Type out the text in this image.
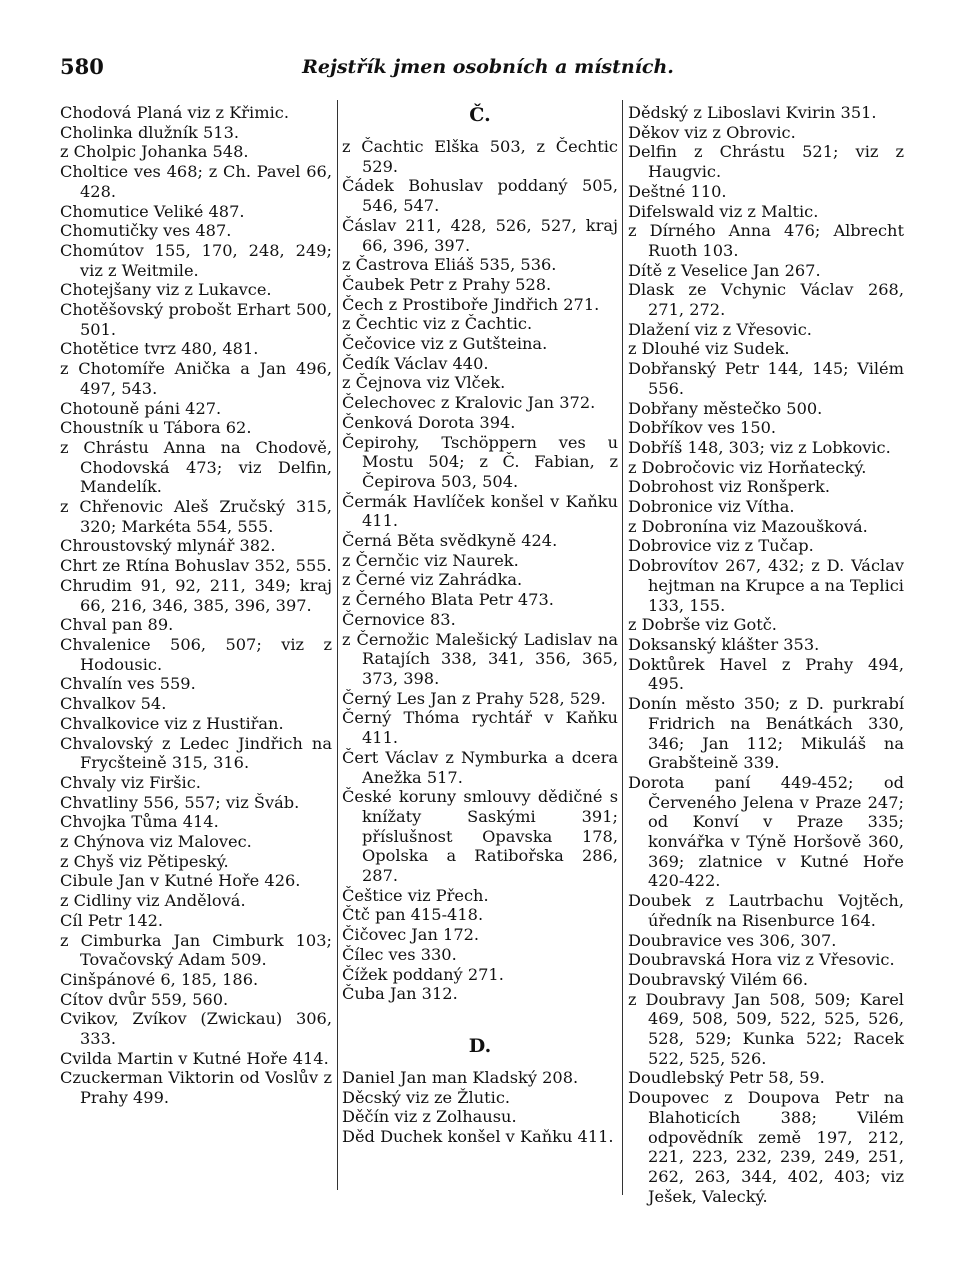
580	Rejstřík jmen osobních a místních.

Chodová Planá viz z Křimic.

Cholinka dlužník 513.

z Cholpic Johanka 548.

Choltice ves 468; z Ch. Pavel 66, 428.

Chomutice Veliké 487.

Chomutičky ves 487.

Chomútov 155, 170, 248, 249; viz z Weitmile.

Chotejšany viz z Lukavce.

Chotěšovský probošt Erhart 500, 501.

Chotětice tvrz 480, 481.

z Chotomíře Anička a Jan 496, 497, 543.

Chotouně páni 427.

Choustník u Tábora 62.

z Chrástu Anna na Chodově, Chodovská 473; viz Delfin, Mandelík.

z Chřenovic Aleš Zručský 315, 320; Markéta 554, 555.

Chroustovský mlynář 382.

Chrt ze Rtína Bohuslav 352, 555.

Chrudim 91, 92, 211, 349; kraj 66, 216, 346, 385, 396, 397.

Chval pan 89.

Chvalenice 506, 507; viz z Hodousic.

Chvalín ves 559.

Chvalkov 54.

Chvalkovice viz z Hustiřan.

Chvalovský z Ledec Jindřich na Frycšteině 315, 316.

Chvaly viz Firšic.

Chvatliny 556, 557; viz Šváb.

Chvojka Tůma 414.

z Chýnova viz Malovec.

z Chyš viz Pětipeský.

Cibule Jan v Kutné Hoře 426.

z Cidliny viz Andělová.

Cíl Petr 142.

z Cimburka Jan Cimburk 103; Tovačovský Adam 509.

Cinšpánové 6, 185, 186.

Cítov dvůr 559, 560.

Cvikov, Zvíkov (Zwickau) 306, 333.

Cvilda Martin v Kutné Hoře 414.

Czuckerman Viktorin od Voslův z Prahy 499.

Č.

z Čachtic Elška 503, z Čechtic 529.

Čádek Bohuslav poddaný 505, 546, 547.

Čáslav 211, 428, 526, 527, kraj 66, 396, 397.

z Častrova Eliáš 535, 536.

Čaubek Petr z Prahy 528.

Čech z Prostiboře Jindřich 271.

z Čechtic viz z Čachtic.

Čečovice viz z Gutšteina.

Čedík Václav 440.

z Čejnova viz Vlček.

Čelechovec z Kralovic Jan 372.

Čenková Dorota 394.

Čepirohy, Tschöppern ves u Mostu 504; z Č. Fabian, z Čepirova 503, 504.

Čermák Havlíček konšel v Kaňku 411.

Černá Běta svědkyně 424.

z Černčic viz Naurek.

z Černé viz Zahrádka.

z Černého Blata Petr 473.

Černovice 83.

z Černožic Malešický Ladislav na Ratajích 338, 341, 356, 365, 373, 398.

Černý Les Jan z Prahy 528, 529.

Černý Thóma rychtář v Kaňku 411.

Čert Václav z Nymburka a dcera Anežka 517.

České koruny smlouvy dědičné s knížaty Saskými 391; příslušnost Opavska 178, Opolska a Ratibořska 286, 287.

Češtice viz Přech.

Čtč pan 415-418.

Čičovec Jan 172.

Čílec ves 330.

Čížek poddaný 271.

Čuba Jan 312.

D.

Daniel Jan man Kladský 208.

Děcský viz ze Žlutic.

Děčín viz z Zolhausu.

Děd Duchek konšel v Kaňku 411.

Dědský z Liboslavi Kvirin 351.

Děkov viz z Obrovic.

Delfin z Chrástu 521; viz z Haugvic.

Deštné 110.

Difelswald viz z Maltic.

z Dírného Anna 476; Albrecht Ruoth 103.

Dítě z Veselice Jan 267.

Dlask ze Vchynic Václav 268, 271, 272.

Dlažení viz z Vřesovic.

z Dlouhé viz Sudek.

Dobřanský Petr 144, 145; Vilém 556.

Dobřany městečko 500.

Dobříkov ves 150.

Dobříš 148, 303; viz z Lobkovic.

z Dobročovic viz Horňatecký.

Dobrohost viz Ronšperk.

Dobronice viz Vítha.

z Dobronína viz Mazoušková.

Dobrovice viz z Tučap.

Dobrovítov 267, 432; z D. Václav hejtman na Krupce a na Teplici 133, 155.

z Dobrše viz Gotč.

Doksanský klášter 353.

Doktůrek Havel z Prahy 494, 495.

Donín město 350; z D. purkrabí Fridrich na Benátkách 330, 346; Jan 112; Mikuláš na Grabšteině 339.

Dorota paní 449-452; od Červeného Jelena v Praze 247; od Konví v Praze 335; konvářka v Týně Horšově 360, 369; zlatnice v Kutné Hoře 420-422.

Doubek z Lautrbachu Vojtěch, úředník na Risenburce 164.

Doubravice ves 306, 307.

Doubravská Hora viz z Vřesovic.

Doubravský Vilém 66.

z Doubravy Jan 508, 509; Karel 469, 508, 509, 522, 525, 526, 528, 529; Kunka 522; Racek 522, 525, 526.

Doudlebský Petr 58, 59.

Doupovec z Doupova Petr na Blahoticích 388; Vilém odpovědník země 197, 212, 221, 223, 232, 239, 249, 251, 262, 263, 344, 402, 403; viz Ješek, Valecký.
